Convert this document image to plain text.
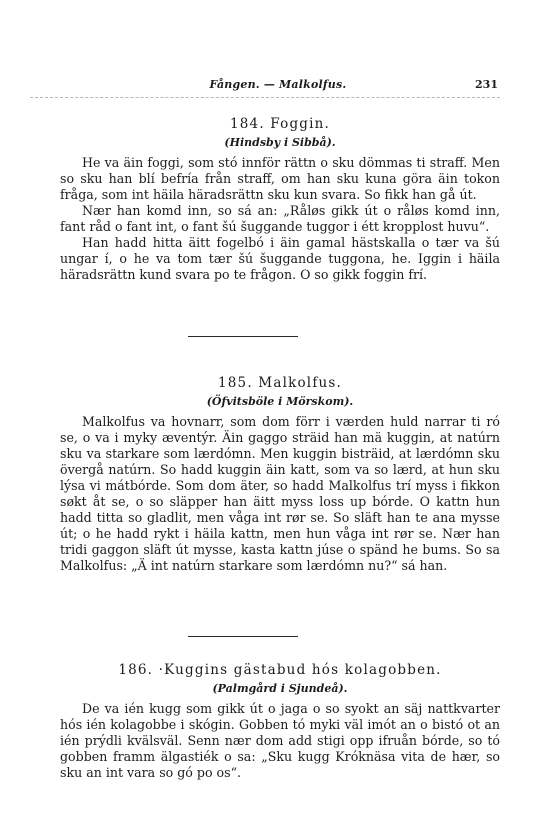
Fången. — Malkolfus.	231
184. Foggin.
(Hindsby i Sibbå).

He va äin foggi, som stó innför rättn o sku dömmas ti straff. Men so sku han blí befría från straff, om han sku kuna göra äin tokon fråga, som int häila häradsrättn sku kun svara. So fikk han gå út.

Nær han komd inn, so sá an: „Råløs gikk út o råløs komd inn, fant råd o fant int, o fant šú šuggande tuggor i étt kropplost huvu“.

Han hadd hitta äitt fogelbó i äin gamal hästskalla o tær va šú ungar í, o he va tom tær šú šuggande tuggona, he. Iggin i häila häradsrättn kund svara po te frågon. O so gikk foggin frí.

185. Malkolfus.
(Öfvitsböle i Mörskom).

Malkolfus va hovnarr, som dom förr i værden huld narrar ti ró se, o va i myky æventýr. Äin gaggo sträid han mä kuggin, at natúrn sku va starkare som lærdómn. Men kuggin bisträid, at lærdómn sku övergå natúrn. So hadd kuggin äin katt, som va so lærd, at hun sku lýsa vi mátbórde. Som dom äter, so hadd Malkolfus trí myss i fikkon søkt åt se, o so släpper han äitt myss loss up bórde. O kattn hun hadd titta so gladlit, men våga int rør se. So släft han te ana mysse út; o he hadd rykt i häila kattn, men hun våga int rør se. Nær han tridi gaggon släft út mysse, kasta kattn júse o spänd he bums. So sa Malkolfus: „Ä int natúrn starkare som lærdómn nu?“ sá han.

186. ·Kuggins gästabud hós kolagobben.
(Palmgård i Sjundeå).

De va ién kugg som gikk út o jaga o so syokt an säj nattkvarter hós ién kolagobbe i skógin. Gobben tó myki väl imót an o bistó ot an ién prýdli kvälsväl. Senn nær dom add stigi opp ifruån bórde, so tó gobben framm älgastiék o sa: „Sku kugg Króknäsa vita de hær, so sku an int vara so gó po os“.
